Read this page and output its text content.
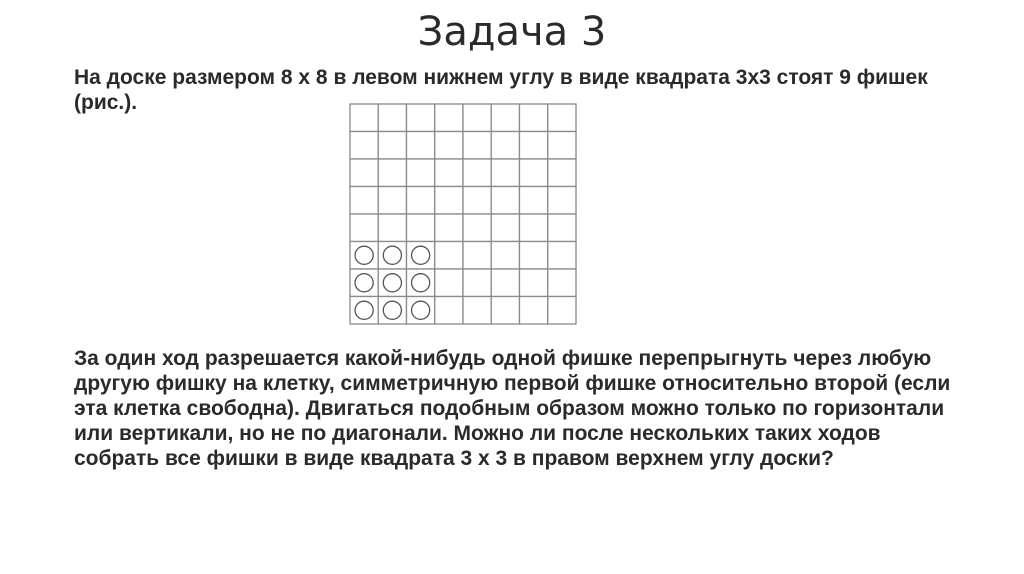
Задача 3

На доске размером 8 х 8 в левом нижнем углу в виде квадрата 3х3 стоят 9 фишек (рис.).

За один ход разрешается какой-нибудь одной фишке перепрыгнуть через любую другую фишку на клетку, симметричную первой фишке относительно второй (если эта клетка свободна). Двигаться подобным образом можно только по горизонтали или вертикали, но не по диагонали. Можно ли после нескольких таких ходов собрать все фишки в виде квадрата 3 х 3 в правом верхнем углу доски?
